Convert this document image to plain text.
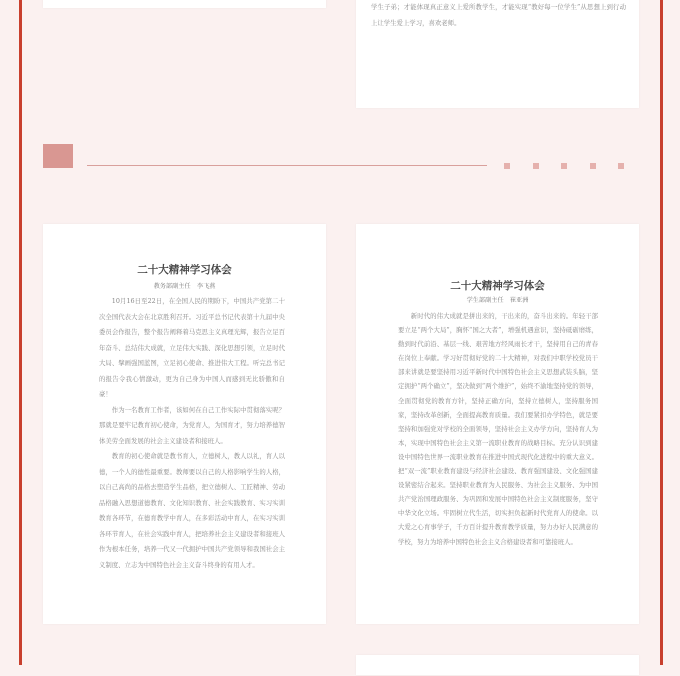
学生子弟；才能体现真正意义上爱所教学生，才能实现“教好每一位学生”从思想上到行动上让学生爱上学习，喜欢老师。

二十大精神学习体会
教务部副主任　李飞燕

10月16日至22日，在全国人民的期盼下，中国共产党第二十次全国代表大会在北京胜利召开。习近平总书记代表第十九届中央委员会作报告，整个报告阐释着马克思主义真理光辉，报告立足百年奋斗、总结伟大成就，立足伟大实践、深化思想引领，立足时代大局、擘画强国蓝图，立足初心使命、推进伟大工程。听完总书记的报告令我心情激动，更为自己身为中国人而感到无比骄傲和自豪！

作为一名教育工作者，该如何在自己工作实际中贯彻落实呢？那就是要牢记教育初心使命，为党育人，为国育才，努力培养德智体美劳全面发展的社会主义建设者和接班人。

教育的初心使命就是教书育人，立德树人，教人以礼，育人以德，一个人的德性最重要。教师要以自己的人格影响学生的人格，以自己高尚的品格去塑造学生品格，把立德树人、工匠精神、劳动品格融入思想道德教育、文化知识教育、社会实践教育、实习实训教育各环节，在德育教学中育人，在多彩活动中育人，在实习实训各环节育人，在社会实践中育人，把培养社会主义建设者和接班人作为根本任务，培养一代又一代拥护中国共产党领导和我国社会主义制度、立志为中国特色社会主义奋斗终身的有用人才。

二十大精神学习体会
学生部副主任　崔亚洲

新时代的伟大成就是拼出来的，干出来的，奋斗出来的。年轻干部要立足“两个大局”，胸怀“国之大者”，增强机遇意识，坚持砥砺磨练，勤到时代前沿、基层一线、艰苦地方经风雨长才干，坚持用自己的青春在岗位上奉献。学习好贯彻好党的二十大精神，对我们中职学校党员干部来讲就是要坚持用习近平新时代中国特色社会主义思想武装头脑，坚定拥护“两个确立”，坚决做到“两个维护”，始终不渝地坚持党的领导，全面贯彻党的教育方针，坚持正确方向，坚持立德树人，坚持服务国家，坚持改革创新，全面提高教育质量。我们要紧扣办学特色，就是要坚持和加强党对学校的全面领导，坚持社会主义办学方向，坚持育人为本，实现中国特色社会主义第一流职业教育的战略目标。充分认识到建设中国特色世界一流职业教育在推进中国式现代化进程中的重大意义。把“双一流”职业教育建设与经济社会建设、教育强国建设、文化强国建设紧密结合起来。坚持职业教育为人民服务、为社会主义服务、为中国共产党治国理政服务、为巩固和发展中国特色社会主义制度服务，坚守中华文化立场。牢固树立代生活，切实担负起新时代党育人的使命。以大爱之心育事学子，千方百计提升教育教学质量，努力办好人民满意的学校，努力为培养中国特色社会主义合格建设者和可靠接班人。
